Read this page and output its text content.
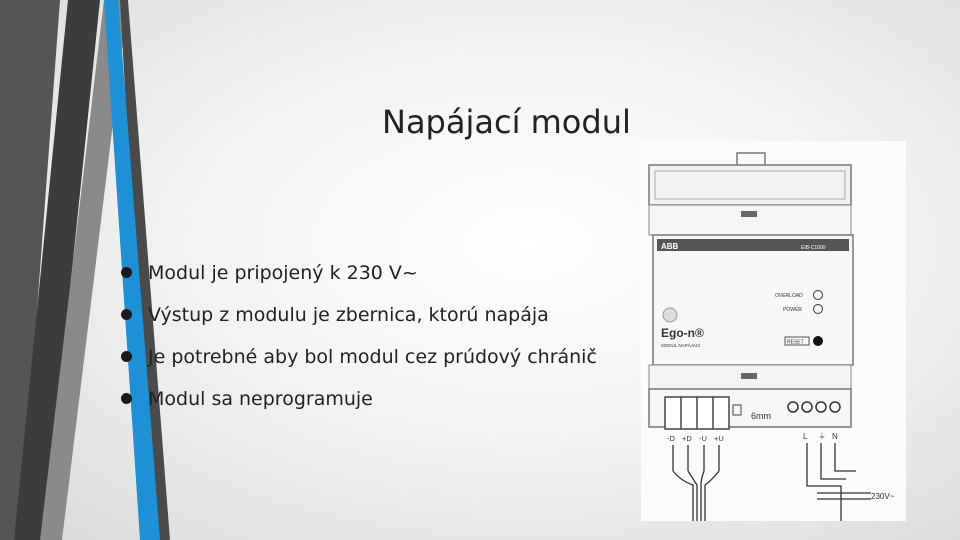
Napájací modul
Modul je pripojený k 230 V~
Výstup z modulu je zbernica, ktorú napája
Je potrebné aby bol modul cez prúdový chránič
Modul sa neprogramuje
ABB	EIB-C1000
OVERLOAD
POWER
Ego-n®
MODUL NAPÁJACÍ	RESET
6mm
-D +D -U +U	L ⏚ N
230V~
